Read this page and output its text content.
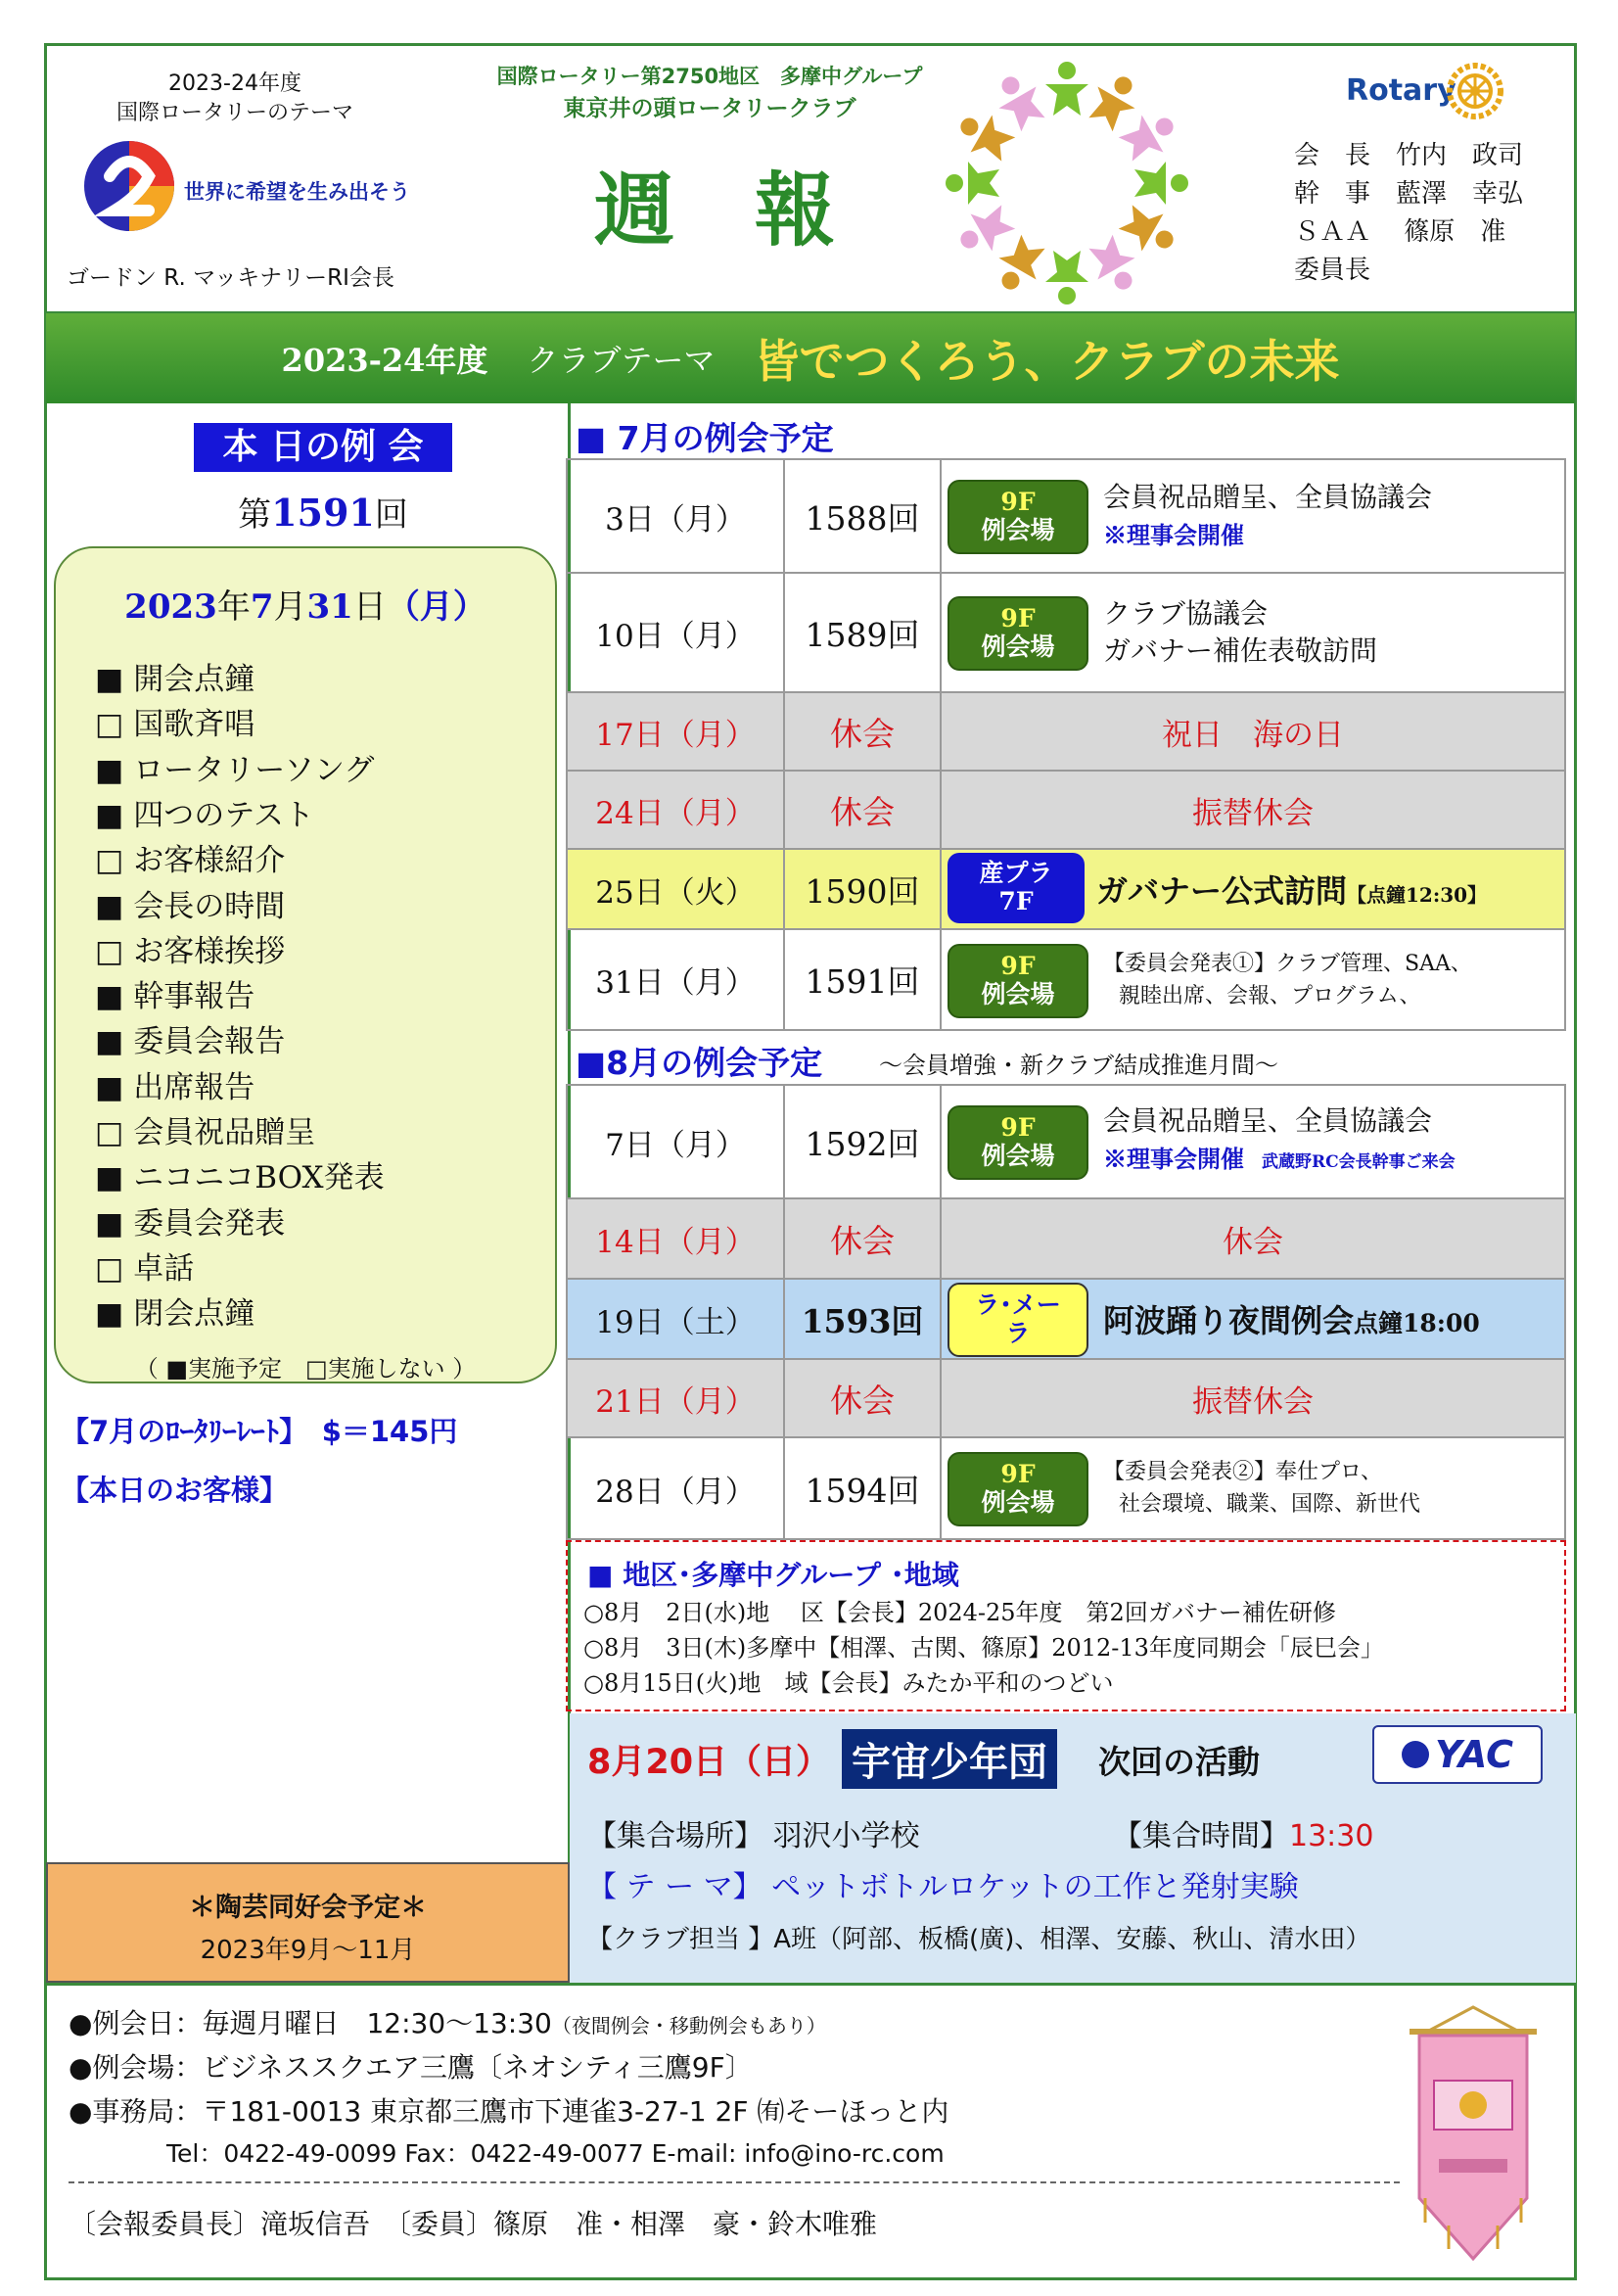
2023-24年度
国際ロータリーのテーマ
世界に希望を生み出そう
ゴードン R. マッキナリーRI会長
国際ロータリー第2750地区　多摩中グループ
東京井の頭ロータリークラブ
週　報
Rotary
会　長　 竹内　政司
幹　事　 藍澤　幸弘
ＳＡＡ　 篠原　准
委員長
2023-24年度 クラブテーマ 皆でつくろう、クラブの未来
本 日の例 会
第1591回
2023年7月31日（月）
■ 開会点鐘
□ 国歌斉唱
■ ロータリーソング
■ 四つのテスト
□ お客様紹介
■ 会長の時間
□ お客様挨拶
■ 幹事報告
■ 委員会報告
■ 出席報告
□ 会員祝品贈呈
■ ニコニコBOX発表
■ 委員会発表
□ 卓話
■ 閉会点鐘
（ ■実施予定　□実施しない ）
【7月のﾛｰﾀﾘｰﾚｰﾄ】　 $＝145円
【本日のお客様】
＊陶芸同好会予定＊
2023年9月～11月
■ 7月の例会予定
3日（月）	1588回	9F
例会場
会員祝品贈呈、全員協議会
※理事会開催

10日（月）	1589回	9F
例会場
クラブ協議会
ガバナー補佐表敬訪問

17日（月）	休会	祝日　海の日
24日（月）	休会	振替休会
25日（火）	1590回	産プラ
7F ガバナー公式訪問【点鐘12:30】

31日（月）	1591回	9F
例会場
【委員会発表①】クラブ管理、SAA、
親睦出席、会報、プログラム、
■8月の例会予定 ～会員増強・新クラブ結成推進月間～
7日（月）	1592回	9F
例会場
会員祝品贈呈、全員協議会
※理事会開催 武蔵野RC会長幹事ご来会

14日（月）	休会	休会
19日（土）	1593回	ラ･メー
ラ 阿波踊り夜間例会点鐘18:00

21日（月）	休会	振替休会
28日（月）	1594回	9F
例会場
【委員会発表②】奉仕プロ、
社会環境、職業、国際、新世代
■ 地区･多摩中グループ ･地域
○8月　2日(水)地　 区【会長】2024-25年度　第2回ガバナー補佐研修
○8月　3日(木)多摩中【相澤、古関、篠原】2012-13年度同期会「辰巳会」
○8月15日(火)地　域【会長】みたか平和のつどい
8月20日（日） 宇宙少年団	次回の活動	YAC
【集合場所】 羽沢小学校	【集合時間】13:30
【 テ ー マ】 ペットボトルロケットの工作と発射実験
【クラブ担当 】A班（阿部、板橋(廣)、相澤、安藤、秋山、清水田）
●例会日：毎週月曜日　12:30～13:30（夜間例会・移動例会もあり）
●例会場：ビジネススクエア三鷹〔ネオシティ三鷹9F〕
●事務局：〒181-0013 東京都三鷹市下連雀3-27-1 2F ㈲そーほっと内
Tel：0422-49-0099 Fax：0422-49-0077 E-mail: info@ino-rc.com
〔会報委員長〕滝坂信吾　〔委員〕篠原　准・相澤　豪・鈴木唯雅
